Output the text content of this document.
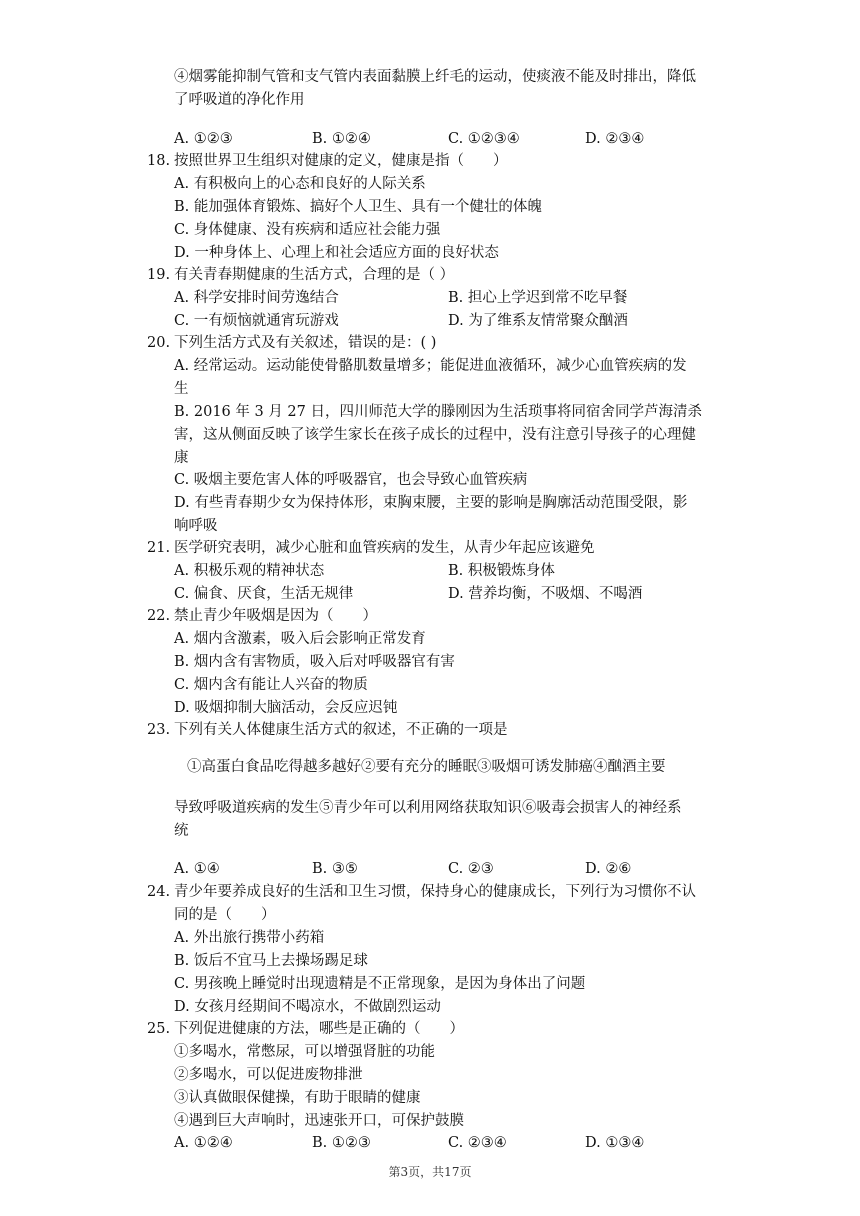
④烟雾能抑制气管和支气管内表面黏膜上纤毛的运动，使痰液不能及时排出，降低
了呼吸道的净化作用
A. ①②③	B. ①②④	C. ①②③④	D. ②③④
18. 按照世界卫生组织对健康的定义，健康是指（　　）
A. 有积极向上的心态和良好的人际关系
B. 能加强体育锻炼、搞好个人卫生、具有一个健壮的体魄
C. 身体健康、没有疾病和适应社会能力强
D. 一种身体上、心理上和社会适应方面的良好状态
19. 有关青春期健康的生活方式，合理的是（ ）
A. 科学安排时间劳逸结合	B. 担心上学迟到常不吃早餐
C. 一有烦恼就通宵玩游戏	D. 为了维系友情常聚众酗酒
20. 下列生活方式及有关叙述，错误的是：( )
A. 经常运动。运动能使骨骼肌数量增多；能促进血液循环，减少心血管疾病的发
生
B. 2016 年 3 月 27 日，四川师范大学的滕刚因为生活琐事将同宿舍同学芦海清杀
害，这从侧面反映了该学生家长在孩子成长的过程中，没有注意引导孩子的心理健
康
C. 吸烟主要危害人体的呼吸器官，也会导致心血管疾病
D. 有些青春期少女为保持体形，束胸束腰，主要的影响是胸廓活动范围受限，影
响呼吸
21. 医学研究表明，减少心脏和血管疾病的发生，从青少年起应该避免
A. 积极乐观的精神状态	B. 积极锻炼身体
C. 偏食、厌食，生活无规律	D. 营养均衡，不吸烟、不喝酒
22. 禁止青少年吸烟是因为（　　）
A. 烟内含激素，吸入后会影响正常发育
B. 烟内含有害物质，吸入后对呼吸器官有害
C. 烟内含有能让人兴奋的物质
D. 吸烟抑制大脑活动，会反应迟钝
23. 下列有关人体健康生活方式的叙述，不正确的一项是
①高蛋白食品吃得越多越好②要有充分的睡眠③吸烟可诱发肺癌④酗酒主要
导致呼吸道疾病的发生⑤青少年可以利用网络获取知识⑥吸毒会损害人的神经系
统
A. ①④	B. ③⑤	C. ②③	D. ②⑥
24. 青少年要养成良好的生活和卫生习惯，保持身心的健康成长，下列行为习惯你不认
同的是（　　）
A. 外出旅行携带小药箱
B. 饭后不宜马上去操场踢足球
C. 男孩晚上睡觉时出现遗精是不正常现象，是因为身体出了问题
D. 女孩月经期间不喝凉水，不做剧烈运动
25. 下列促进健康的方法，哪些是正确的（　　）
①多喝水，常憋尿，可以增强肾脏的功能
②多喝水，可以促进废物排泄
③认真做眼保健操，有助于眼睛的健康
④遇到巨大声响时，迅速张开口，可保护鼓膜
A. ①②④	B. ①②③	C. ②③④	D. ①③④
第3页，共17页
